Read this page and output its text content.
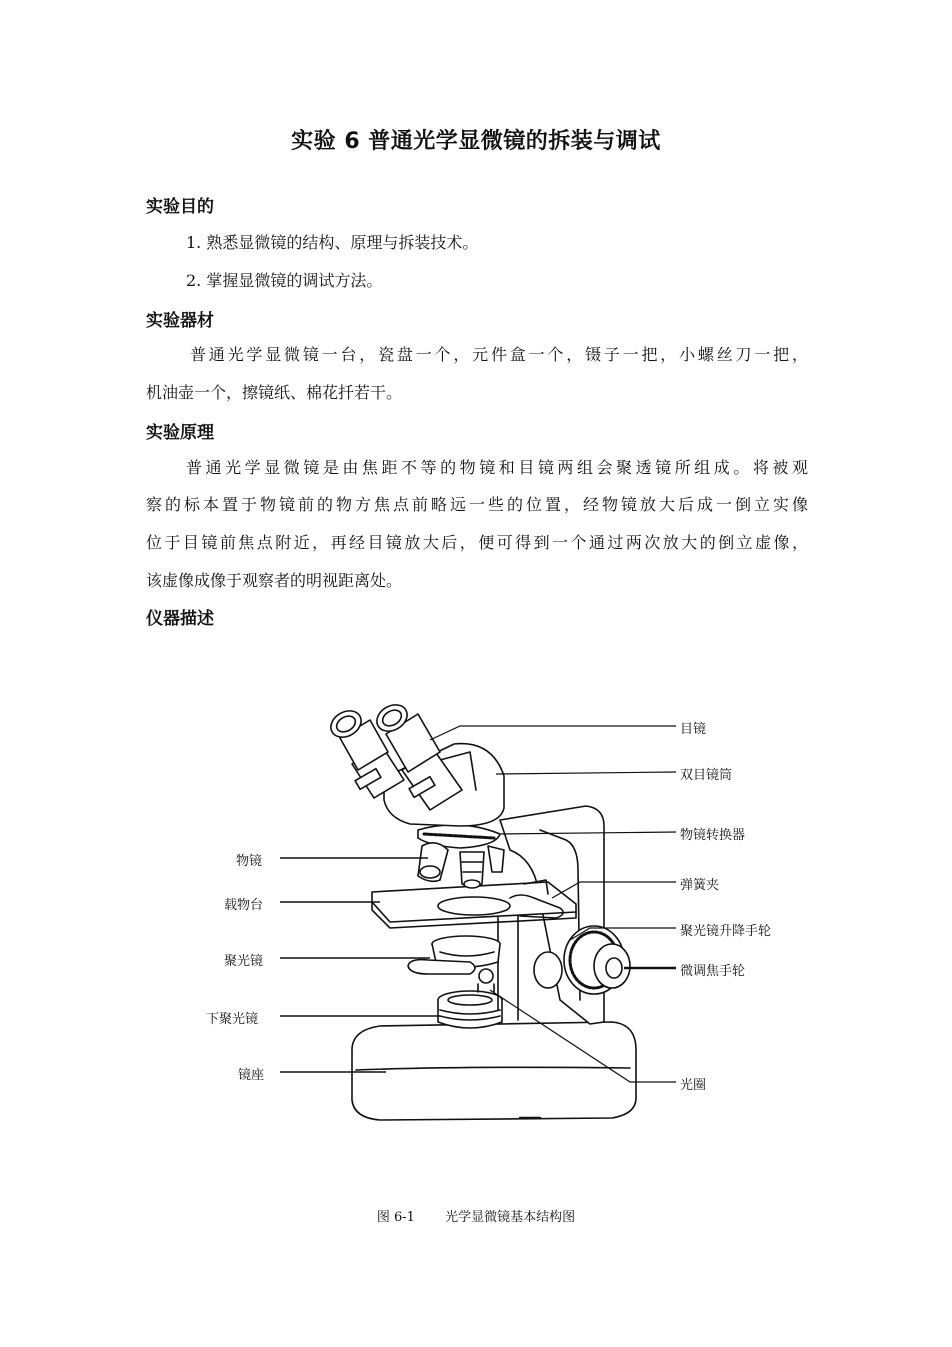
实验 6 普通光学显微镜的拆装与调试
实验目的
1. 熟悉显微镜的结构、原理与拆装技术。
2. 掌握显微镜的调试方法。
实验器材
普通光学显微镜一台，瓷盘一个，元件盒一个，镊子一把，小螺丝刀一把，
机油壶一个，擦镜纸、棉花扦若干。
实验原理
普通光学显微镜是由焦距不等的物镜和目镜两组会聚透镜所组成。将被观
察的标本置于物镜前的物方焦点前略远一些的位置，经物镜放大后成一倒立实像
位于目镜前焦点附近，再经目镜放大后，便可得到一个通过两次放大的倒立虚像，
该虚像成像于观察者的明视距离处。
仪器描述
目镜
双目镜筒
物镜转换器
弹簧夹
聚光镜升降手轮
微调焦手轮
光圈
物镜
载物台
聚光镜
下聚光镜
镜座
图 6-1 光学显微镜基本结构图
